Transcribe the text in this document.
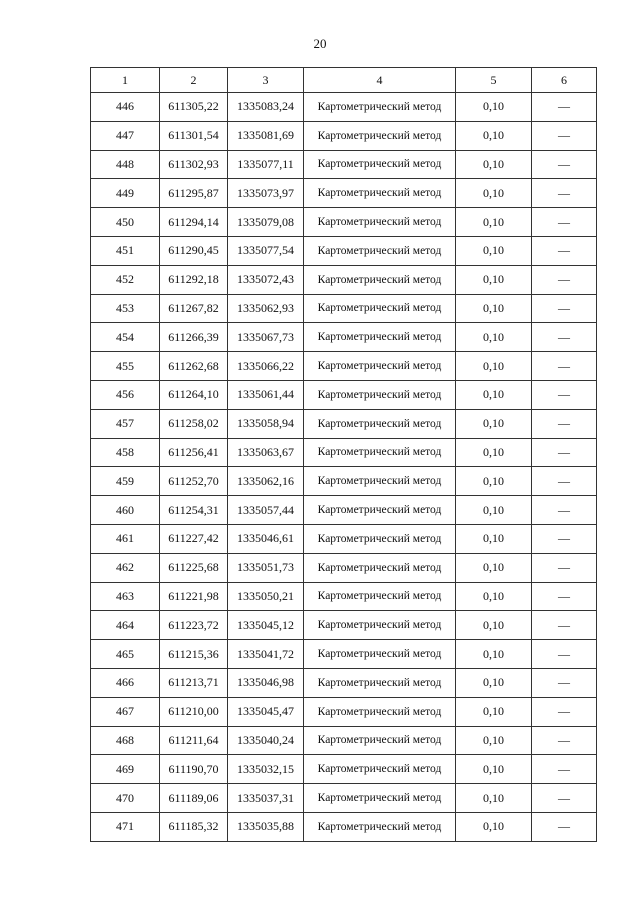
20
1	2	3	4	5	6
446	611305,22	1335083,24	Картометрический метод	0,10	—
447	611301,54	1335081,69	Картометрический метод	0,10	—
448	611302,93	1335077,11	Картометрический метод	0,10	—
449	611295,87	1335073,97	Картометрический метод	0,10	—
450	611294,14	1335079,08	Картометрический метод	0,10	—
451	611290,45	1335077,54	Картометрический метод	0,10	—
452	611292,18	1335072,43	Картометрический метод	0,10	—
453	611267,82	1335062,93	Картометрический метод	0,10	—
454	611266,39	1335067,73	Картометрический метод	0,10	—
455	611262,68	1335066,22	Картометрический метод	0,10	—
456	611264,10	1335061,44	Картометрический метод	0,10	—
457	611258,02	1335058,94	Картометрический метод	0,10	—
458	611256,41	1335063,67	Картометрический метод	0,10	—
459	611252,70	1335062,16	Картометрический метод	0,10	—
460	611254,31	1335057,44	Картометрический метод	0,10	—
461	611227,42	1335046,61	Картометрический метод	0,10	—
462	611225,68	1335051,73	Картометрический метод	0,10	—
463	611221,98	1335050,21	Картометрический метод	0,10	—
464	611223,72	1335045,12	Картометрический метод	0,10	—
465	611215,36	1335041,72	Картометрический метод	0,10	—
466	611213,71	1335046,98	Картометрический метод	0,10	—
467	611210,00	1335045,47	Картометрический метод	0,10	—
468	611211,64	1335040,24	Картометрический метод	0,10	—
469	611190,70	1335032,15	Картометрический метод	0,10	—
470	611189,06	1335037,31	Картометрический метод	0,10	—
471	611185,32	1335035,88	Картометрический метод	0,10	—
